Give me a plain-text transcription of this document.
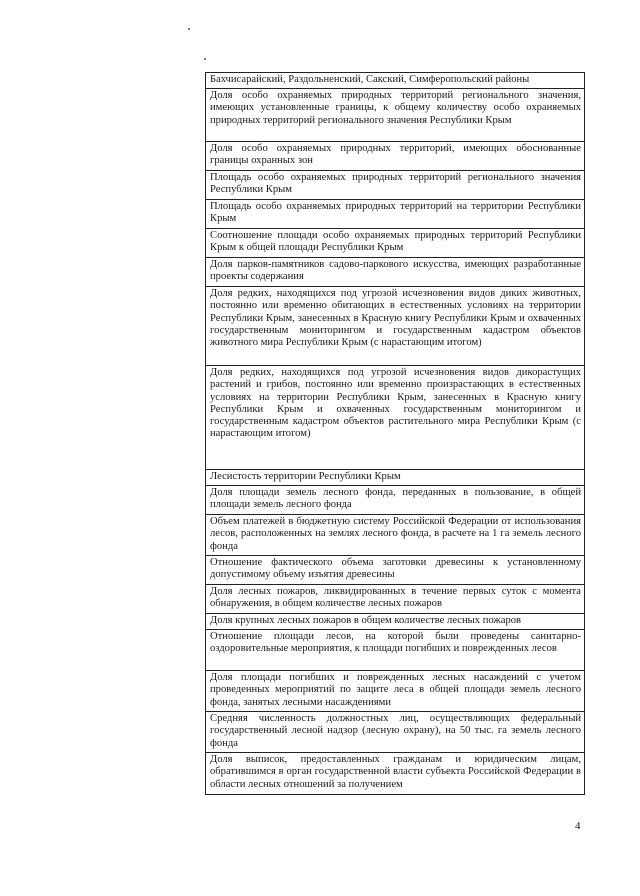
Бахчисарайский, Раздольненский, Сакский, Симферопольский районы
Доля особо охраняемых природных территорий регионального значения, имеющих установленные границы, к общему количеству особо охраняемых природных территорий регионального значения Республики Крым
Доля особо охраняемых природных территорий, имеющих обоснованные границы охранных зон
Площадь особо охраняемых природных территорий регионального значения Республики Крым
Площадь особо охраняемых природных территорий на территории Республики Крым
Соотношение площади особо охраняемых природных территорий Республики Крым к общей площади Республики Крым
Доля парков-памятников садово-паркового искусства, имеющих разработанные проекты содержания
Доля редких, находящихся под угрозой исчезновения видов диких животных, постоянно или временно обитающих в естественных условиях на территории Республики Крым, занесенных в Красную книгу Республики Крым и охваченных государственным мониторингом и государственным кадастром объектов животного мира Республики Крым (с нарастающим итогом)
Доля редких, находящихся под угрозой исчезновения видов дикорастущих растений и грибов, постоянно или временно произрастающих в естественных условиях на территории Республики Крым, занесенных в Красную книгу Республики Крым и охваченных государственным мониторингом и государственным кадастром объектов растительного мира Республики Крым (с нарастающим итогом)
Лесистость территории Республики Крым
Доля площади земель лесного фонда, переданных в пользование, в общей площади земель лесного фонда
Объем платежей в бюджетную систему Российской Федерации от использования лесов, расположенных на землях лесного фонда, в расчете на 1 га земель лесного фонда
Отношение фактического объема заготовки древесины к установленному допустимому объему изъятия древесины
Доля лесных пожаров, ликвидированных в течение первых суток с момента обнаружения, в общем количестве лесных пожаров
Доля крупных лесных пожаров в общем количестве лесных пожаров
Отношение площади лесов, на которой были проведены санитарно-оздоровительные мероприятия, к площади погибших и поврежденных лесов
Доля площади погибших и поврежденных лесных насаждений с учетом проведенных мероприятий по защите леса в общей площади земель лесного фонда, занятых лесными насаждениями
Средняя численность должностных лиц, осуществляющих федеральный государственный лесной надзор (лесную охрану), на 50 тыс. га земель лесного фонда
Доля выписок, предоставленных гражданам и юридическим лицам, обратившимся в орган государственной власти субъекта Российской Федерации в области лесных отношений за получением
4
